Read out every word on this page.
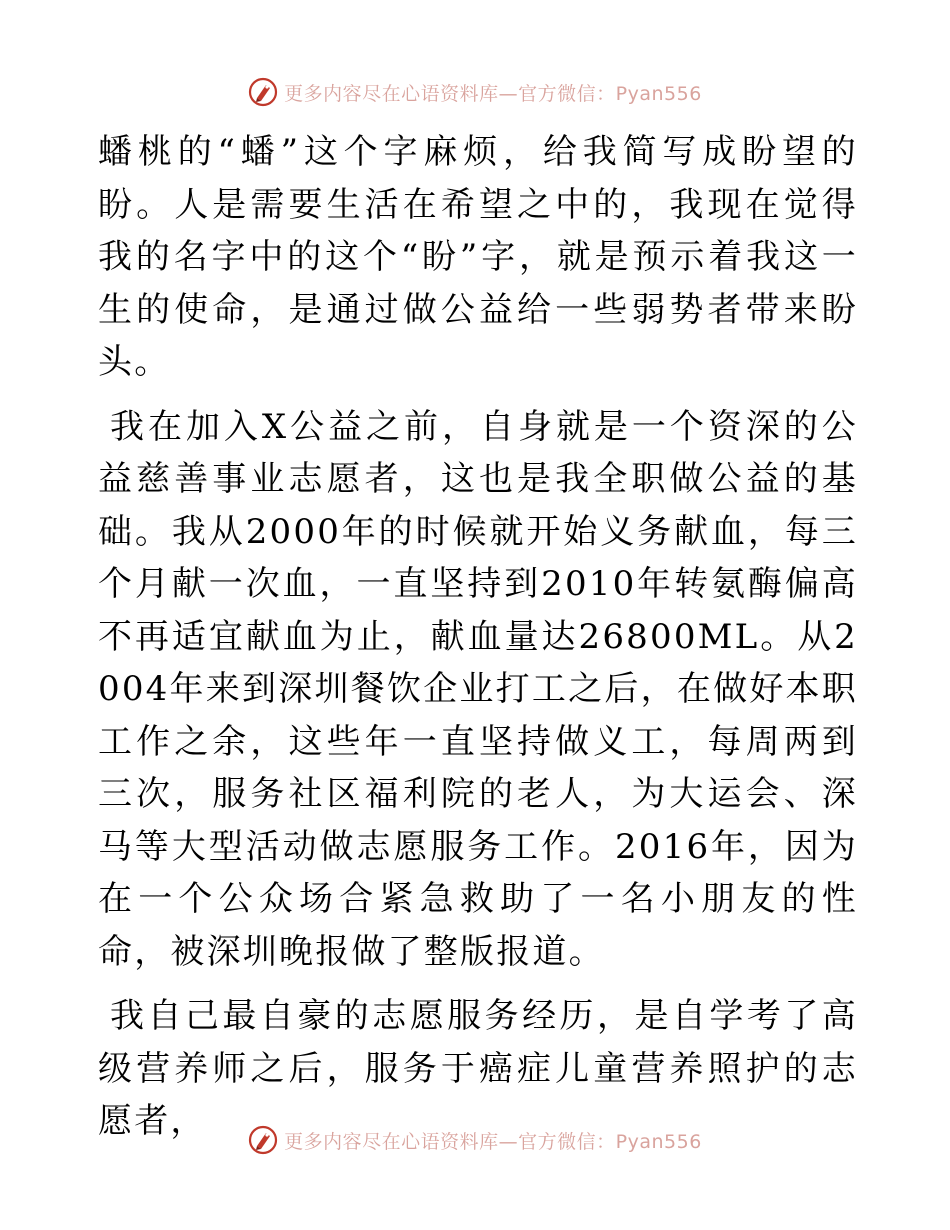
更多内容尽在心语资料库—官方微信：Pyan556

蟠桃的“蟠”这个字麻烦，给我简写成盼望的盼。人是需要生活在希望之中的，我现在觉得我的名字中的这个“盼”字，就是预示着我这一生的使命，是通过做公益给一些弱势者带来盼头。

我在加入X公益之前，自身就是一个资深的公益慈善事业志愿者，这也是我全职做公益的基础。我从2000年的时候就开始义务献血，每三个月献一次血，一直坚持到2010年转氨酶偏高不再适宜献血为止，献血量达26800ML。从2004年来到深圳餐饮企业打工之后，在做好本职工作之余，这些年一直坚持做义工，每周两到三次，服务社区福利院的老人，为大运会、深马等大型活动做志愿服务工作。2016年，因为在一个公众场合紧急救助了一名小朋友的性命，被深圳晚报做了整版报道。

我自己最自豪的志愿服务经历，是自学考了高级营养师之后，服务于癌症儿童营养照护的志愿者，

更多内容尽在心语资料库—官方微信：Pyan556
